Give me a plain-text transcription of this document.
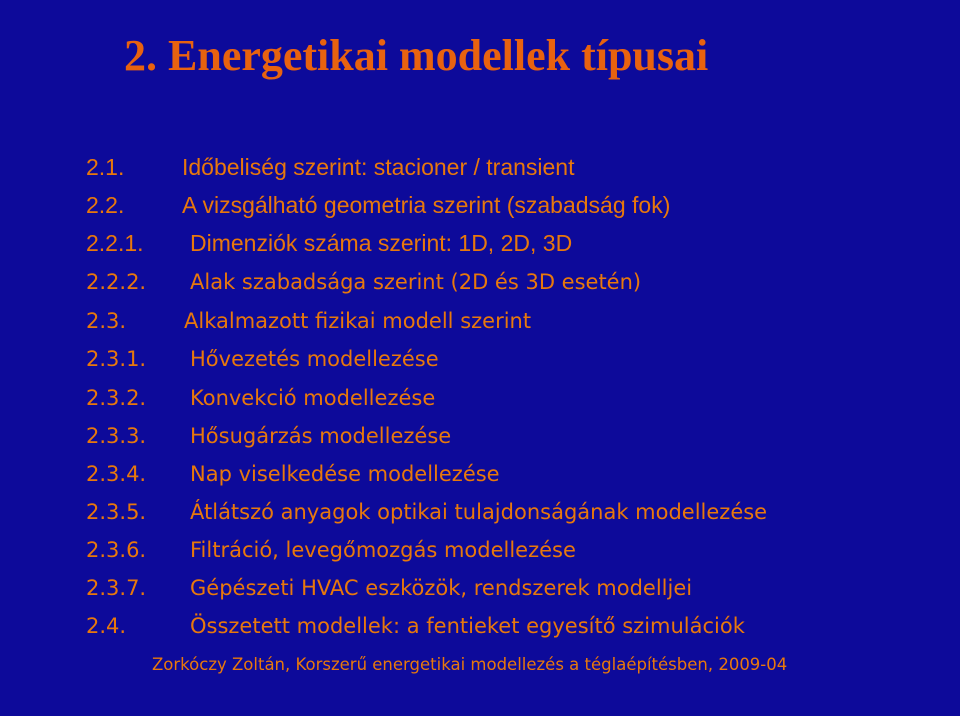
2. Energetikai modellek típusai
2.1.	Időbeliség szerint: stacioner / transient
2.2.	A vizsgálható geometria szerint (szabadság fok)
2.2.1. Dimenziók száma szerint: 1D, 2D, 3D
2.2.2. Alak szabadsága szerint (2D és 3D esetén)
2.3.	Alkalmazott fizikai modell szerint
2.3.1. Hővezetés modellezése
2.3.2. Konvekció modellezése
2.3.3. Hősugárzás modellezése
2.3.4. Nap viselkedése modellezése
2.3.5. Átlátszó anyagok optikai tulajdonságának modellezése
2.3.6. Filtráció, levegőmozgás modellezése
2.3.7. Gépészeti HVAC eszközök, rendszerek modelljei
2.4.	Összetett modellek: a fentieket egyesítő szimulációk
Zorkóczy Zoltán, Korszerű energetikai modellezés a téglaépítésben, 2009-04
